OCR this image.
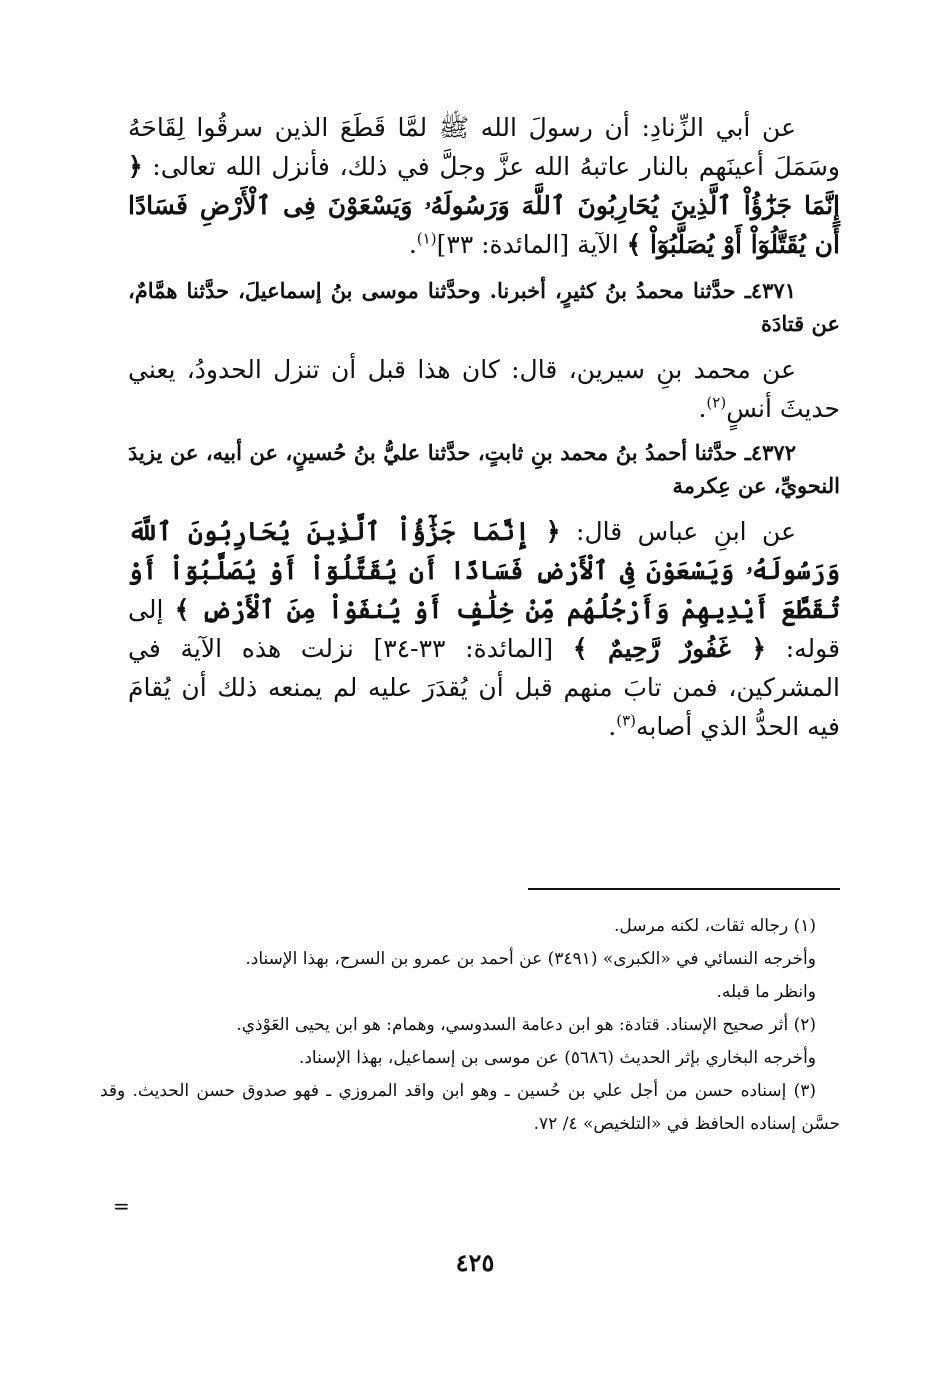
عن أبي الزِّنادِ: أن رسولَ الله ﷺ لمَّا قَطَعَ الذين سرقُوا لِقَاحَهُ وسَمَلَ أعينَهم بالنار عاتبهُ الله عزَّ وجلَّ في ذلك، فأنزل الله تعالى: ﴿ إِنَّمَا جَزَٰٓؤُاْ ٱلَّذِينَ يُحَارِبُونَ ٱللَّهَ وَرَسُولَهُۥ وَيَسْعَوْنَ فِى ٱلْأَرْضِ فَسَادًا أَن يُقَتَّلُوٓاْ أَوْ يُصَلَّبُوٓاْ ﴾ الآية [المائدة: ٣٣]$^{(١)}$.

٤٣٧١ـ حدَّثنا محمدُ بنُ كثيرٍ، أخبرنا. وحدَّثنا موسى بنُ إسماعيلَ، حدَّثنا همَّامٌ، عن قتادَة

عن محمد بنِ سيرين، قال: كان هذا قبل أن تنزل الحدودُ، يعني حديثَ أنسٍ$^{(٢)}$.

٤٣٧٢ـ حدَّثنا أحمدُ بنُ محمد بنِ ثابتٍ، حدَّثنا عليُّ بنُ حُسينٍ، عن أبيه، عن يزيدَ النحويِّ، عن عِكرمة

عن ابنِ عباس قال: ﴿ إِنَّمَا جَزَٰٓؤُاْ ٱلَّذِينَ يُحَارِبُونَ ٱللَّهَ وَرَسُولَهُۥ وَيَسْعَوْنَ فِى ٱلْأَرْضِ فَسَادًا أَن يُقَتَّلُوٓاْ أَوْ يُصَلَّبُوٓاْ أَوْ تُقَطَّعَ أَيْدِيهِمْ وَأَرْجُلُهُم مِّنْ خِلَٰفٍ أَوْ يُنفَوْاْ مِنَ ٱلْأَرْضِ ﴾ إلى قوله: ﴿ غَفُورٌ رَّحِيمٌ ﴾ [المائدة: ٣٣-٣٤] نزلت هذه الآية في المشركين، فمن تابَ منهم قبل أن يُقدَرَ عليه لم يمنعه ذلك أن يُقامَ فيه الحدُّ الذي أصابه$^{(٣)}$.

(١) رجاله ثقات، لكنه مرسل.

وأخرجه النسائي في «الكبرى» (٣٤٩١) عن أحمد بن عمرو بن السرح، بهذا الإسناد.

وانظر ما قبله.

(٢) أثر صحيح الإسناد. قتادة: هو ابن دعامة السدوسي، وهمام: هو ابن يحيى العَوْذي.

وأخرجه البخاري بإثر الحديث (٥٦٨٦) عن موسى بن إسماعيل، بهذا الإسناد.

(٣) إسناده حسن من أجل علي بن حُسين ـ وهو ابن واقد المروزي ـ فهو صدوق حسن الحديث. وقد حسَّن إسناده الحافظ في «التلخيص» ٤/ ٧٢.

=
٤٢٥
